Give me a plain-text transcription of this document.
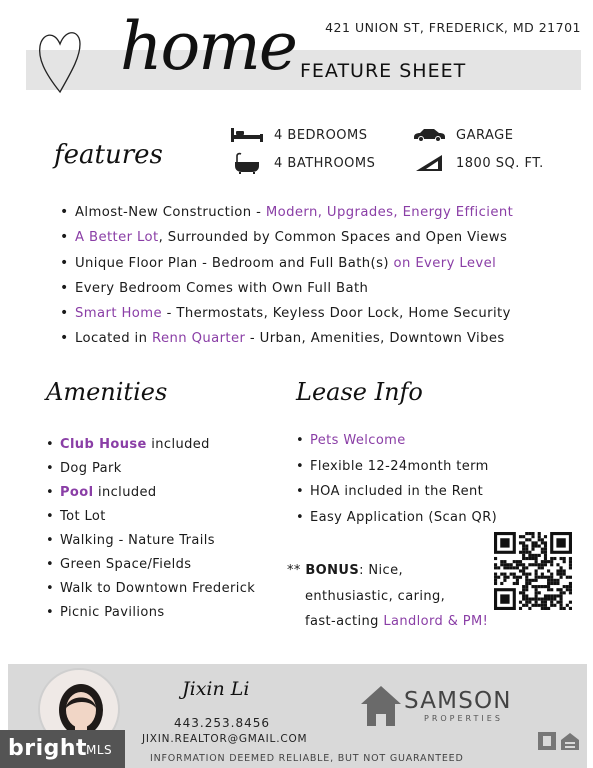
421 UNION ST, FREDERICK, MD 21701
home FEATURE SHEET
features
4 BEDROOMS
4 BATHROOMS
GARAGE
1800 SQ. FT.
• Almost-New Construction - Modern, Upgrades, Energy Efficient
• A Better Lot, Surrounded by Common Spaces and Open Views
• Unique Floor Plan - Bedroom and Full Bath(s) on Every Level
• Every Bedroom Comes with Own Full Bath
• Smart Home - Thermostats, Keyless Door Lock, Home Security
• Located in Renn Quarter - Urban, Amenities, Downtown Vibes
Amenities
• Club House included
• Dog Park
• Pool included
• Tot Lot
• Walking - Nature Trails
• Green Space/Fields
• Walk to Downtown Frederick
• Picnic Pavilions
Lease Info
• Pets Welcome
• Flexible 12-24month term
• HOA included in the Rent
• Easy Application (Scan QR)
** BONUS: Nice,
enthusiastic, caring,
fast-acting Landlord & PM!
Jixin Li
443.253.8456
JIXIN.REALTOR@GMAIL.COM
INFORMATION DEEMED RELIABLE, BUT NOT GUARANTEED
SAMSON
PROPERTIES
bright
MLS
